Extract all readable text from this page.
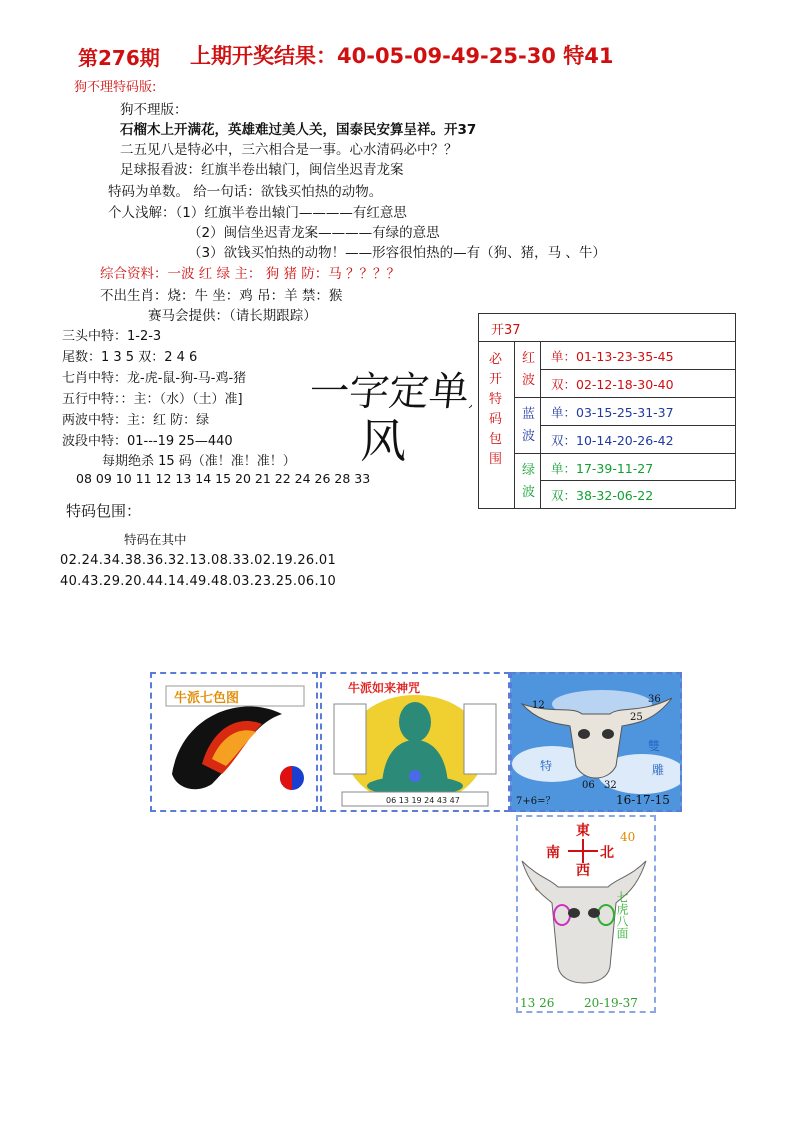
第276期 上期开奖结果：40-05-09-49-25-30 特41
狗不理特码版:
狗不理版：
石榴木上开满花，英雄难过美人关，国泰民安算呈祥。开37
二五见八是特必中，三六相合是一事。心水清码必中？？
足球报看波：红旗半卷出辕门，闽信坐迟青龙案
特码为单数。 给一句话：欲钱买怕热的动物。
个人浅解：（1）红旗半卷出辕门————有红意思
（2）闽信坐迟青龙案————有绿的意思
（3）欲钱买怕热的动物！——形容很怕热的—有（狗、猪，马 、牛）
综合资料：一波 红 绿 主： 狗 猪 防：马 ？？？？
不出生肖：烧：牛 坐：鸡 吊：羊 禁：猴
赛马会提供：（请长期跟踪）
三头中特：1-2-3
尾数：1 3 5 双：2 4 6
七肖中特：龙-虎-鼠-狗-马-鸡-猪
五行中特：：主：（水）（土）准]
两波中特：主：红 防：绿
波段中特：01---19 25—440
每期绝杀 15 码（准！准！准！）
08 09 10 11 12 13 14 15 20 21 22 24 26 28 33
一字定单双
风
开37
必开特码包围
红波
单：01-13-23-35-45
双：02-12-18-30-40
蓝波
单：03-15-25-31-37
双：10-14-20-26-42
绿波
单：17-39-11-27
双：38-32-06-22
特码包围：
特码在其中
02.24.34.38.36.32.13.08.33.02.19.26.01
40.43.29.20.44.14.49.48.03.23.25.06.10
牛派七色图
牛派如来神咒
06 13 19 24 43 47
12
36
25
06 32
特
雙
雕
7+6=？	16-17-15
東
南
西
北
40
七虎八面
13 26 20-19-37
